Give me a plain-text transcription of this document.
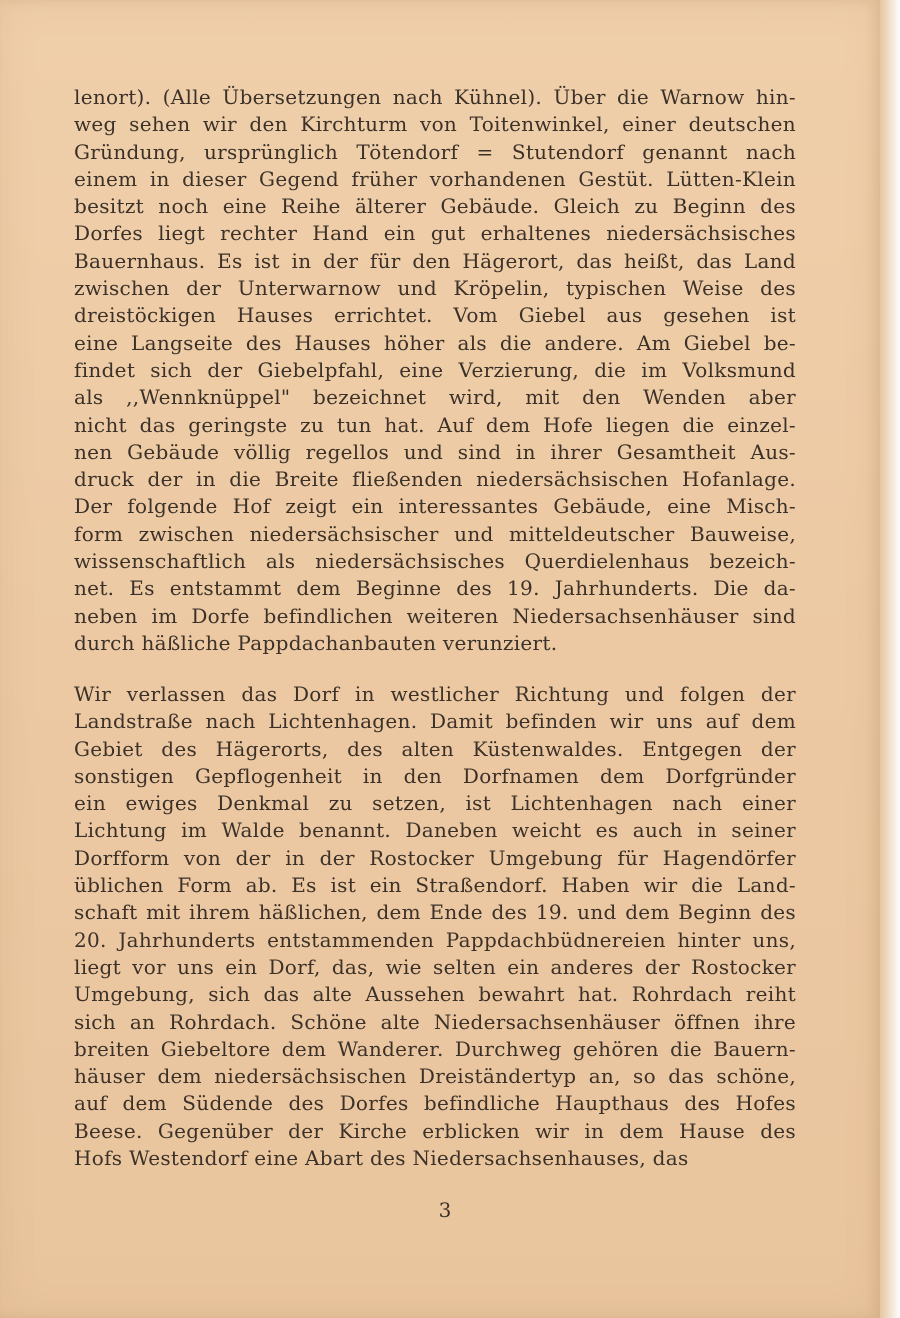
lenort). (Alle Übersetzungen nach Kühnel). Über die Warnow hin-
weg sehen wir den Kirchturm von Toitenwinkel, einer deutschen
Gründung, ursprünglich Tötendorf = Stutendorf genannt nach
einem in dieser Gegend früher vorhandenen Gestüt. Lütten-Klein
besitzt noch eine Reihe älterer Gebäude. Gleich zu Beginn des
Dorfes liegt rechter Hand ein gut erhaltenes niedersächsisches
Bauernhaus. Es ist in der für den Hägerort, das heißt, das Land
zwischen der Unterwarnow und Kröpelin, typischen Weise des
dreistöckigen Hauses errichtet. Vom Giebel aus gesehen ist
eine Langseite des Hauses höher als die andere. Am Giebel be-
findet sich der Giebelpfahl, eine Verzierung, die im Volksmund
als ,,Wennknüppel" bezeichnet wird, mit den Wenden aber
nicht das geringste zu tun hat. Auf dem Hofe liegen die einzel-
nen Gebäude völlig regellos und sind in ihrer Gesamtheit Aus-
druck der in die Breite fließenden niedersächsischen Hofanlage.
Der folgende Hof zeigt ein interessantes Gebäude, eine Misch-
form zwischen niedersächsischer und mitteldeutscher Bauweise,
wissenschaftlich als niedersächsisches Querdielenhaus bezeich-
net. Es entstammt dem Beginne des 19. Jahrhunderts. Die da-
neben im Dorfe befindlichen weiteren Niedersachsenhäuser sind
durch häßliche Pappdachanbauten verunziert.
Wir verlassen das Dorf in westlicher Richtung und folgen der
Landstraße nach Lichtenhagen. Damit befinden wir uns auf dem
Gebiet des Hägerorts, des alten Küstenwaldes. Entgegen der
sonstigen Gepflogenheit in den Dorfnamen dem Dorfgründer
ein ewiges Denkmal zu setzen, ist Lichtenhagen nach einer
Lichtung im Walde benannt. Daneben weicht es auch in seiner
Dorfform von der in der Rostocker Umgebung für Hagendörfer
üblichen Form ab. Es ist ein Straßendorf. Haben wir die Land-
schaft mit ihrem häßlichen, dem Ende des 19. und dem Beginn des
20. Jahrhunderts entstammenden Pappdachbüdnereien hinter uns,
liegt vor uns ein Dorf, das, wie selten ein anderes der Rostocker
Umgebung, sich das alte Aussehen bewahrt hat. Rohrdach reiht
sich an Rohrdach. Schöne alte Niedersachsenhäuser öffnen ihre
breiten Giebeltore dem Wanderer. Durchweg gehören die Bauern-
häuser dem niedersächsischen Dreiständertyp an, so das schöne,
auf dem Südende des Dorfes befindliche Haupthaus des Hofes
Beese. Gegenüber der Kirche erblicken wir in dem Hause des
Hofs Westendorf eine Abart des Niedersachsenhauses, das
3
